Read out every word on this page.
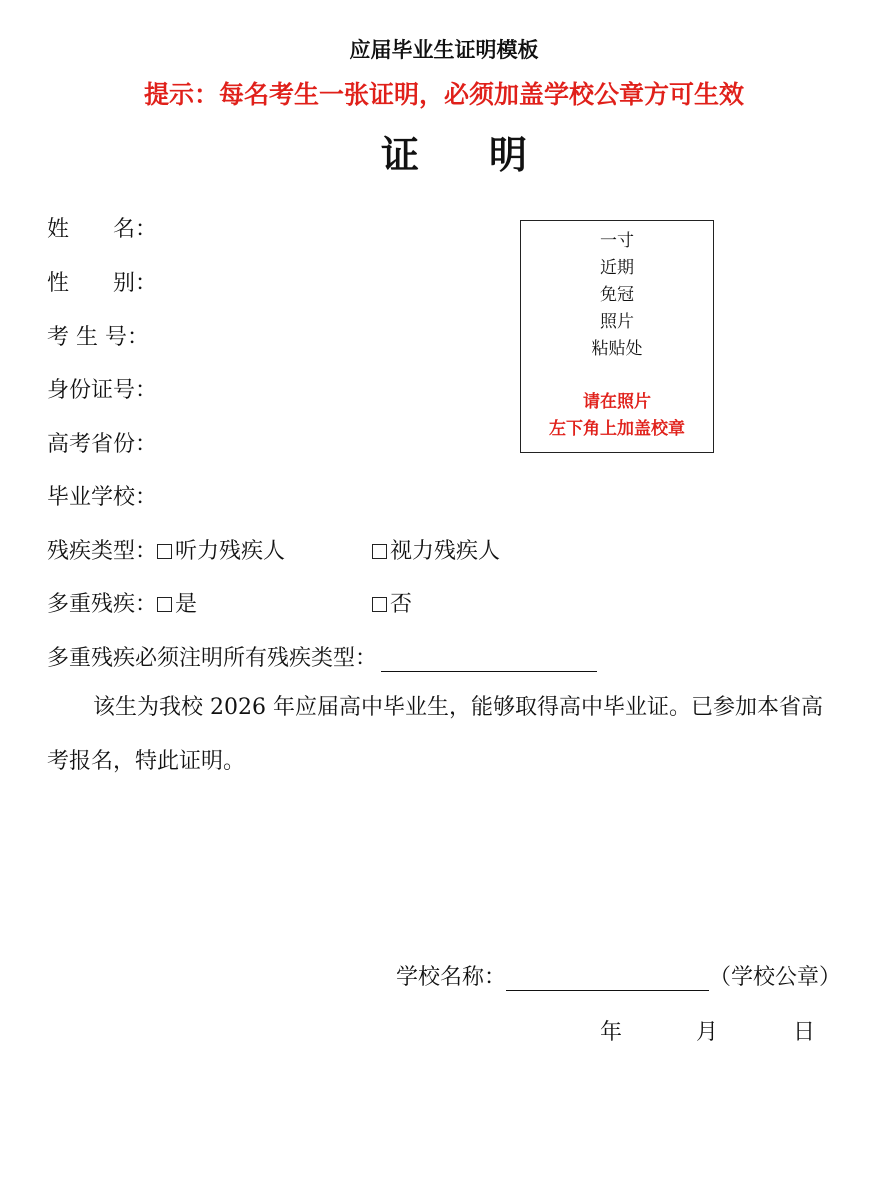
应届毕业生证明模板
提示：每名考生一张证明，必须加盖学校公章方可生效
证 明
姓　　名：
性　　别：
考 生 号：
身份证号：
高考省份：
毕业学校：
残疾类型： 听力残疾人	视力残疾人
多重残疾： 是	否
多重残疾必须注明所有残疾类型：
一寸
近期
免冠
照片
粘贴处
请在照片
左下角上加盖校章
该生为我校 2026 年应届高中毕业生，能够取得高中毕业证。已参加本省高
考报名，特此证明。
学校名称：	（学校公章）
年	月	日
